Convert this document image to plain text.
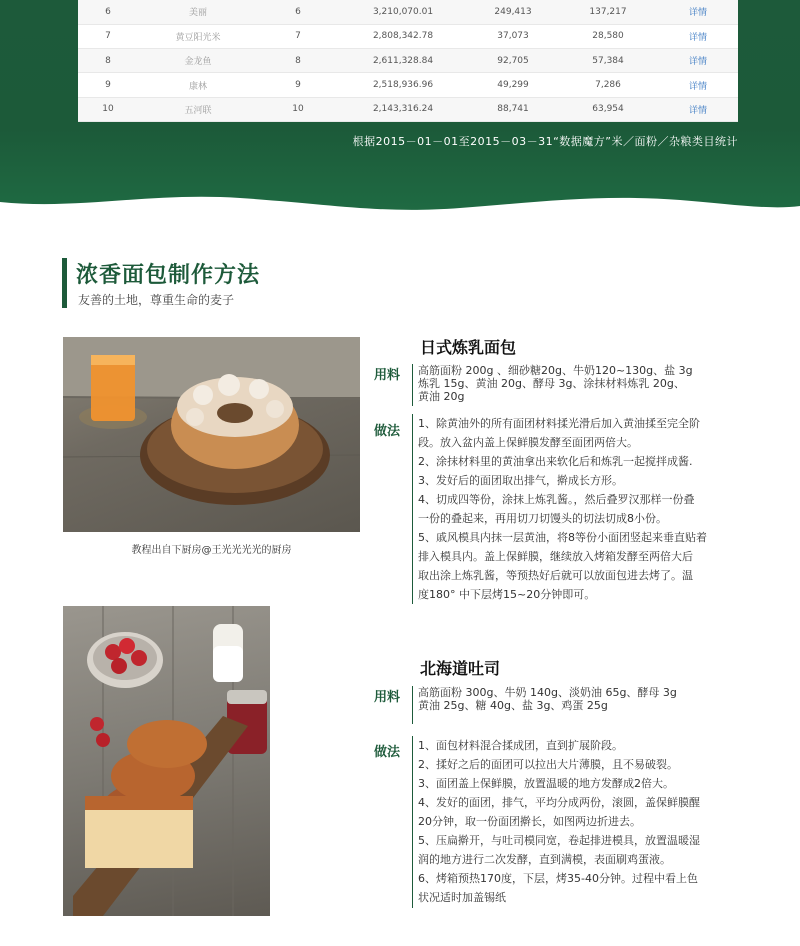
6	美丽	6	3,210,070.01	249,413	137,217	详情
7	黄豆阳光米	7	2,808,342.78	37,073	28,580	详情
8	金龙鱼	8	2,611,328.84	92,705	57,384	详情
9	康林	9	2,518,936.96	49,299	7,286	详情
10	五河联	10	2,143,316.24	88,741	63,954	详情
根据2015－01－01至2015－03－31“数据魔方”米／面粉／杂粮类目统计
浓香面包制作方法
友善的土地，尊重生命的麦子
教程出自下厨房@王光光光光的厨房
日式炼乳面包
用料 高筋面粉 200g 、细砂糖20g、牛奶120~130g、盐 3g
炼乳 15g、黄油 20g、酵母 3g、涂抹材料炼乳 20g、
黄油 20g
做法
1、除黄油外的所有面团材料揉光滑后加入黄油揉至完全阶
段。放入盆内盖上保鲜膜发酵至面团两倍大。
2、涂抹材料里的黄油拿出来软化后和炼乳一起搅拌成酱.
3、发好后的面团取出排气，擀成长方形。
4、切成四等份，涂抹上炼乳酱。，然后叠罗汉那样一份叠
一份的叠起来，再用切刀切馒头的切法切成8小份。
5、戚风模具内抹一层黄油，将8等份小面团竖起来垂直贴着
排入模具内。盖上保鲜膜，继续放入烤箱发酵至两倍大后
取出涂上炼乳酱，等预热好后就可以放面包进去烤了。温
度180° 中下层烤15~20分钟即可。
北海道吐司
用料 高筋面粉 300g、牛奶 140g、淡奶油 65g、酵母 3g
黄油 25g、糖 40g、盐 3g、鸡蛋 25g
做法 1、面包材料混合揉成团，直到扩展阶段。
2、揉好之后的面团可以拉出大片薄膜，且不易破裂。
3、面团盖上保鲜膜，放置温暖的地方发酵成2倍大。
4、发好的面团，排气，平均分成两份，滚圆，盖保鲜膜醒
20分钟，取一份面团擀长，如图两边折进去。
5、压扁擀开，与吐司模同宽，卷起排进模具，放置温暖湿
润的地方进行二次发酵，直到满模，表面刷鸡蛋液。
6、烤箱预热170度，下层，烤35-40分钟。过程中看上色
状况适时加盖锡纸
